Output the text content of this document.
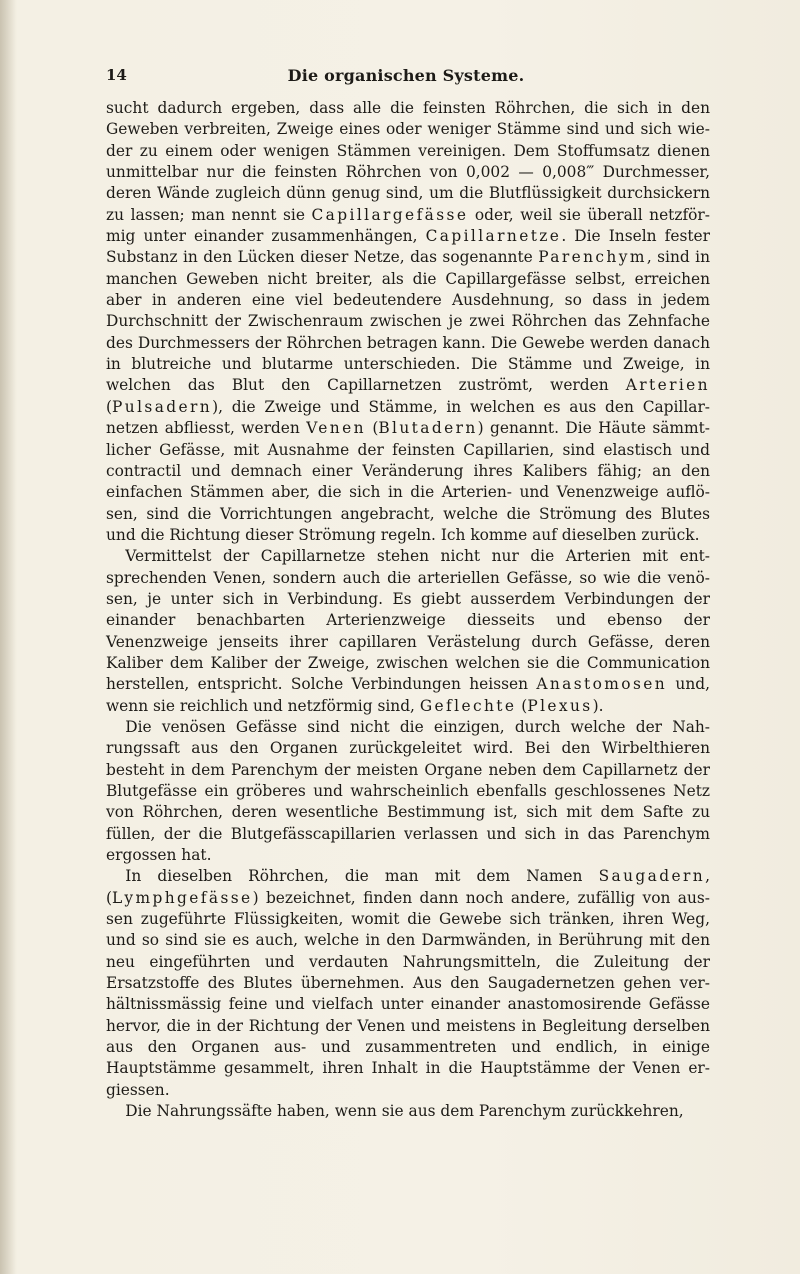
14	Die organischen Systeme.

sucht dadurch ergeben, dass alle die feinsten Röhrchen, die sich in den Geweben verbreiten, Zweige eines oder weniger Stämme sind und sich wieder zu einem oder wenigen Stämmen vereinigen. Dem Stoffumsatz dienen unmittelbar nur die feinsten Röhrchen von 0,002 — 0,008‴ Durchmesser, deren Wände zugleich dünn genug sind, um die Blutflüssigkeit durchsickern zu lassen; man nennt sie Capillargefässe oder, weil sie überall netzförmig unter einander zusammenhängen, Capillarnetze. Die Inseln fester Substanz in den Lücken dieser Netze, das sogenannte Parenchym, sind in manchen Geweben nicht breiter, als die Capillargefässe selbst, erreichen aber in anderen eine viel bedeutendere Ausdehnung, so dass in jedem Durchschnitt der Zwischenraum zwischen je zwei Röhrchen das Zehnfache des Durchmessers der Röhrchen betragen kann. Die Gewebe werden danach in blutreiche und blutarme unterschieden. Die Stämme und Zweige, in welchen das Blut den Capillarnetzen zuströmt, werden Arterien (Pulsadern), die Zweige und Stämme, in welchen es aus den Capillarnetzen abfliesst, werden Venen (Blutadern) genannt. Die Häute sämmtlicher Gefässe, mit Ausnahme der feinsten Capillarien, sind elastisch und contractil und demnach einer Veränderung ihres Kalibers fähig; an den einfachen Stämmen aber, die sich in die Arterien- und Venenzweige auflösen, sind die Vorrichtungen angebracht, welche die Strömung des Blutes und die Richtung dieser Strömung regeln. Ich komme auf dieselben zurück.

Vermittelst der Capillarnetze stehen nicht nur die Arterien mit entsprechenden Venen, sondern auch die arteriellen Gefässe, so wie die venösen, je unter sich in Verbindung. Es giebt ausserdem Verbindungen der einander benachbarten Arterienzweige diesseits und ebenso der Venenzweige jenseits ihrer capillaren Verästelung durch Gefässe, deren Kaliber dem Kaliber der Zweige, zwischen welchen sie die Communication herstellen, entspricht. Solche Verbindungen heissen Anastomosen und, wenn sie reichlich und netzförmig sind, Geflechte (Plexus).

Die venösen Gefässe sind nicht die einzigen, durch welche der Nahrungssaft aus den Organen zurückgeleitet wird. Bei den Wirbelthieren besteht in dem Parenchym der meisten Organe neben dem Capillarnetz der Blutgefässe ein gröberes und wahrscheinlich ebenfalls geschlossenes Netz von Röhrchen, deren wesentliche Bestimmung ist, sich mit dem Safte zu füllen, der die Blutgefässcapillarien verlassen und sich in das Parenchym ergossen hat.

In dieselben Röhrchen, die man mit dem Namen Saugadern, (Lymphgefässe) bezeichnet, finden dann noch andere, zufällig von aussen zugeführte Flüssigkeiten, womit die Gewebe sich tränken, ihren Weg, und so sind sie es auch, welche in den Darmwänden, in Berührung mit den neu eingeführten und verdauten Nahrungsmitteln, die Zuleitung der Ersatzstoffe des Blutes übernehmen. Aus den Saugadernetzen gehen verhältnissmässig feine und vielfach unter einander anastomosirende Gefässe hervor, die in der Richtung der Venen und meistens in Begleitung derselben aus den Organen aus- und zusammentreten und endlich, in einige Hauptstämme gesammelt, ihren Inhalt in die Hauptstämme der Venen ergiessen.

Die Nahrungssäfte haben, wenn sie aus dem Parenchym zurückkehren,
